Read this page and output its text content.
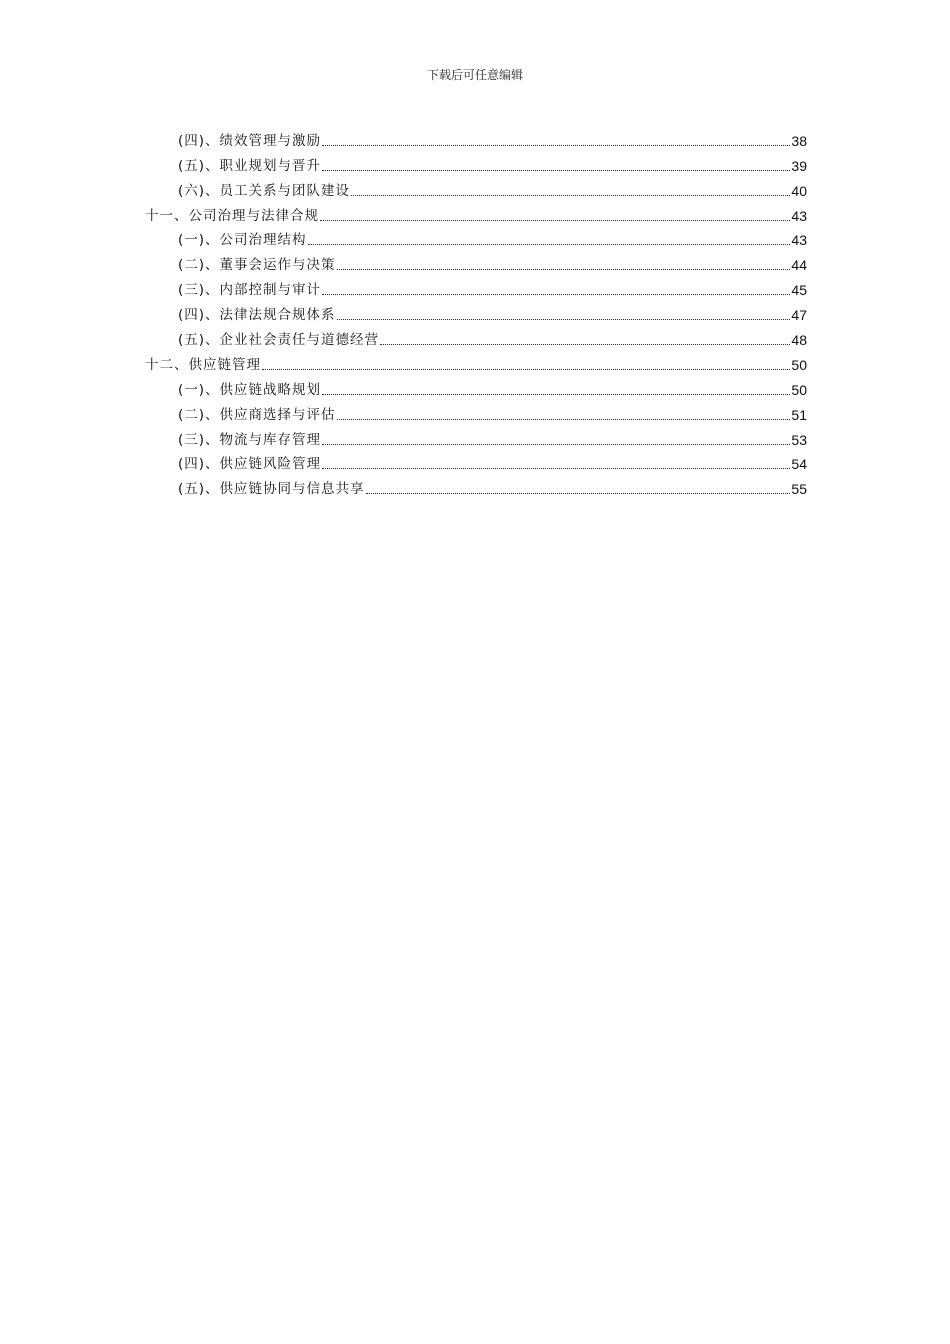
下载后可任意编辑
(四)、绩效管理与激励	38
(五)、职业规划与晋升	39
(六)、员工关系与团队建设	40
十一、公司治理与法律合规	43
(一)、公司治理结构	43
(二)、董事会运作与决策	44
(三)、内部控制与审计	45
(四)、法律法规合规体系	47
(五)、企业社会责任与道德经营	48
十二、供应链管理	50
(一)、供应链战略规划	50
(二)、供应商选择与评估	51
(三)、物流与库存管理	53
(四)、供应链风险管理	54
(五)、供应链协同与信息共享	55
